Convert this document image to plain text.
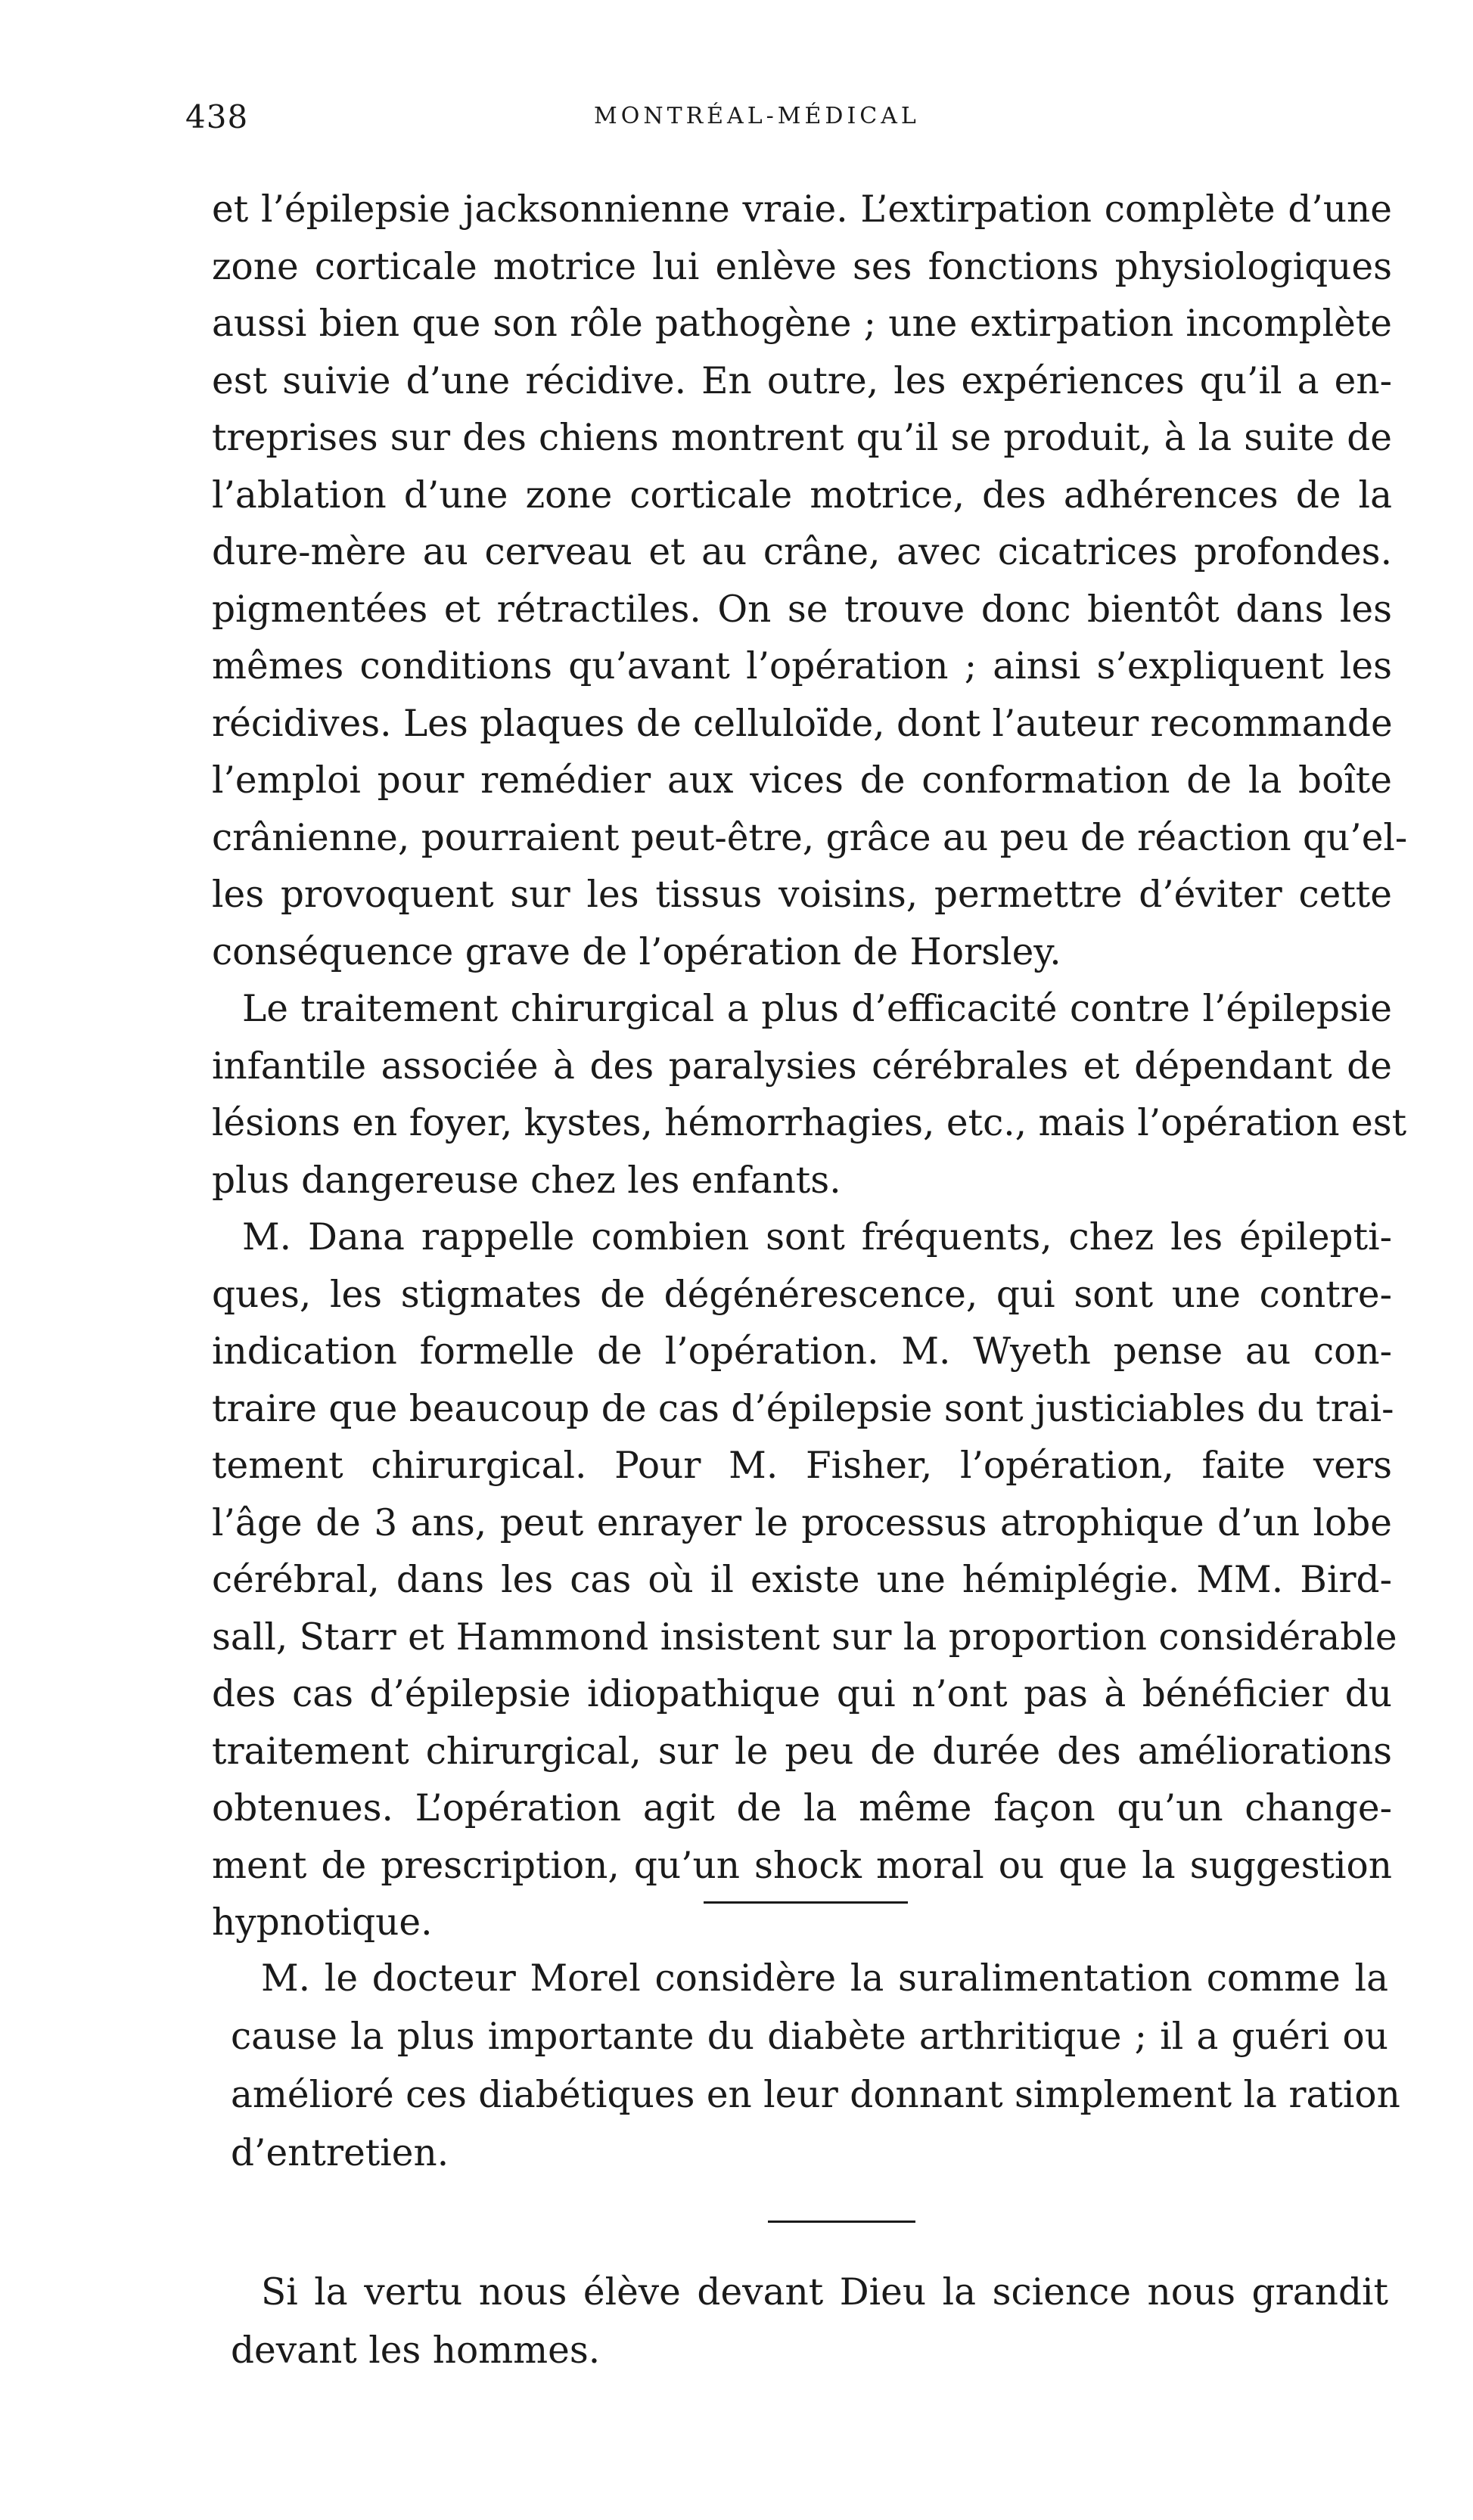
438	MONTRÉAL-MÉDICAL
et l’épilepsie jacksonnienne vraie. L’extirpation complète d’une
zone corticale motrice lui enlève ses fonctions physiologiques
aussi bien que son rôle pathogène ; une extirpation incomplète
est suivie d’une récidive. En outre, les expériences qu’il a en-
treprises sur des chiens montrent qu’il se produit, à la suite de
l’ablation d’une zone corticale motrice, des adhérences de la
dure-mère au cerveau et au crâne, avec cicatrices profondes.
pigmentées et rétractiles. On se trouve donc bientôt dans les
mêmes conditions qu’avant l’opération ; ainsi s’expliquent les
récidives. Les plaques de celluloïde, dont l’auteur recommande
l’emploi pour remédier aux vices de conformation de la boîte
crânienne, pourraient peut-être, grâce au peu de réaction qu’el-
les provoquent sur les tissus voisins, permettre d’éviter cette
conséquence grave de l’opération de Horsley.
Le traitement chirurgical a plus d’efficacité contre l’épilepsie
infantile associée à des paralysies cérébrales et dépendant de
lésions en foyer, kystes, hémorrhagies, etc., mais l’opération est
plus dangereuse chez les enfants.
M. Dana rappelle combien sont fréquents, chez les épilepti-
ques, les stigmates de dégénérescence, qui sont une contre-
indication formelle de l’opération. M. Wyeth pense au con-
traire que beaucoup de cas d’épilepsie sont justiciables du trai-
tement chirurgical. Pour M. Fisher, l’opération, faite vers
l’âge de 3 ans, peut enrayer le processus atrophique d’un lobe
cérébral, dans les cas où il existe une hémiplégie. MM. Bird-
sall, Starr et Hammond insistent sur la proportion considérable
des cas d’épilepsie idiopathique qui n’ont pas à bénéficier du
traitement chirurgical, sur le peu de durée des améliorations
obtenues. L’opération agit de la même façon qu’un change-
ment de prescription, qu’un shock moral ou que la suggestion
hypnotique.
M. le docteur Morel considère la suralimentation comme la
cause la plus importante du diabète arthritique ; il a guéri ou
amélioré ces diabétiques en leur donnant simplement la ration
d’entretien.
Si la vertu nous élève devant Dieu la science nous grandit
devant les hommes.
